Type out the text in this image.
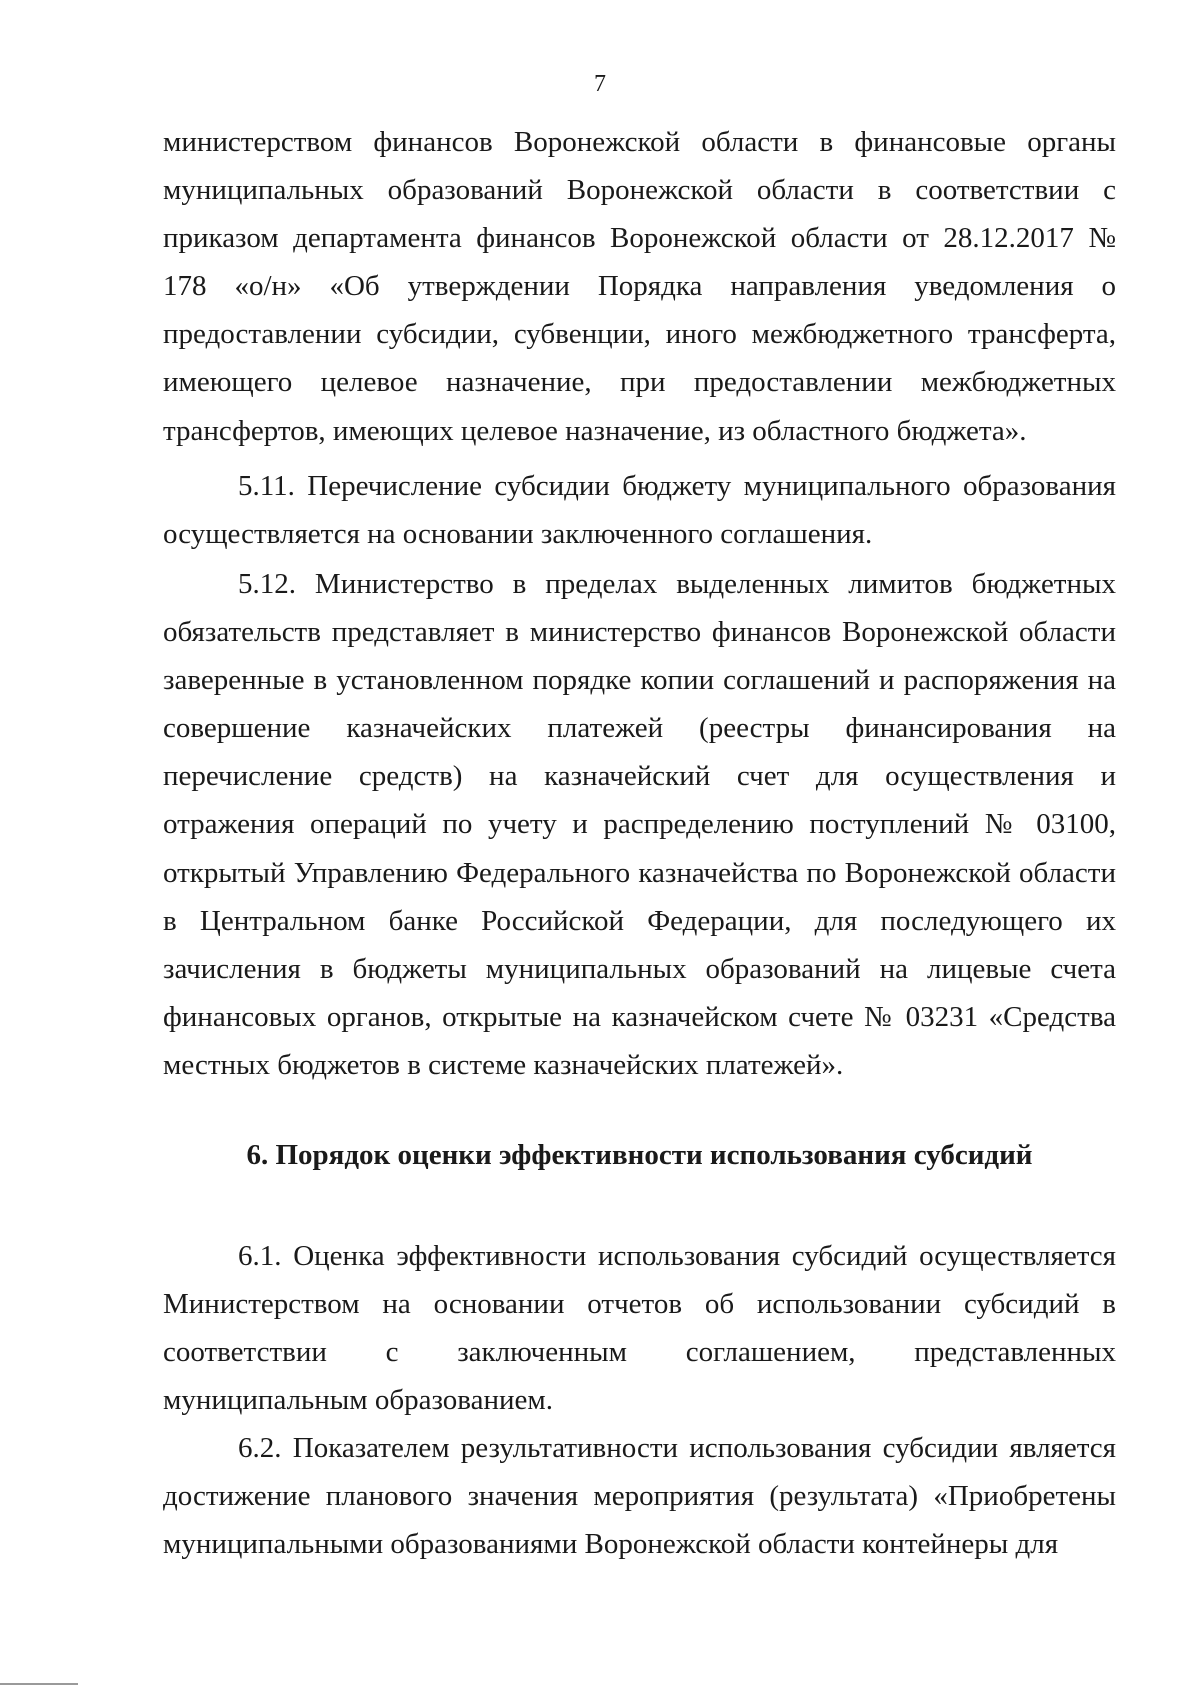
7

министерством финансов Воронежской области в финансовые органы муниципальных образований Воронежской области в соответствии с приказом департамента финансов Воронежской области от 28.12.2017 № 178 «о/н» «Об утверждении Порядка направления уведомления о предоставлении субсидии, субвенции, иного межбюджетного трансферта, имеющего целевое назначение, при предоставлении межбюджетных трансфертов, имеющих целевое назначение, из областного бюджета».

5.11. Перечисление субсидии бюджету муниципального образования осуществляется на основании заключенного соглашения.

5.12. Министерство в пределах выделенных лимитов бюджетных обязательств представляет в министерство финансов Воронежской области заверенные в установленном порядке копии соглашений и распоряжения на совершение казначейских платежей (реестры финансирования на перечисление средств) на казначейский счет для осуществления и отражения операций по учету и распределению поступлений № 03100, открытый Управлению Федерального казначейства по Воронежской области в Центральном банке Российской Федерации, для последующего их зачисления в бюджеты муниципальных образований на лицевые счета финансовых органов, открытые на казначейском счете № 03231 «Средства местных бюджетов в системе казначейских платежей».

6. Порядок оценки эффективности использования субсидий

6.1. Оценка эффективности использования субсидий осуществляется Министерством на основании отчетов об использовании субсидий в соответствии с заключенным соглашением, представленных муниципальным образованием.

6.2. Показателем результативности использования субсидии является достижение планового значения мероприятия (результата) «Приобретены муниципальными образованиями Воронежской области контейнеры для
